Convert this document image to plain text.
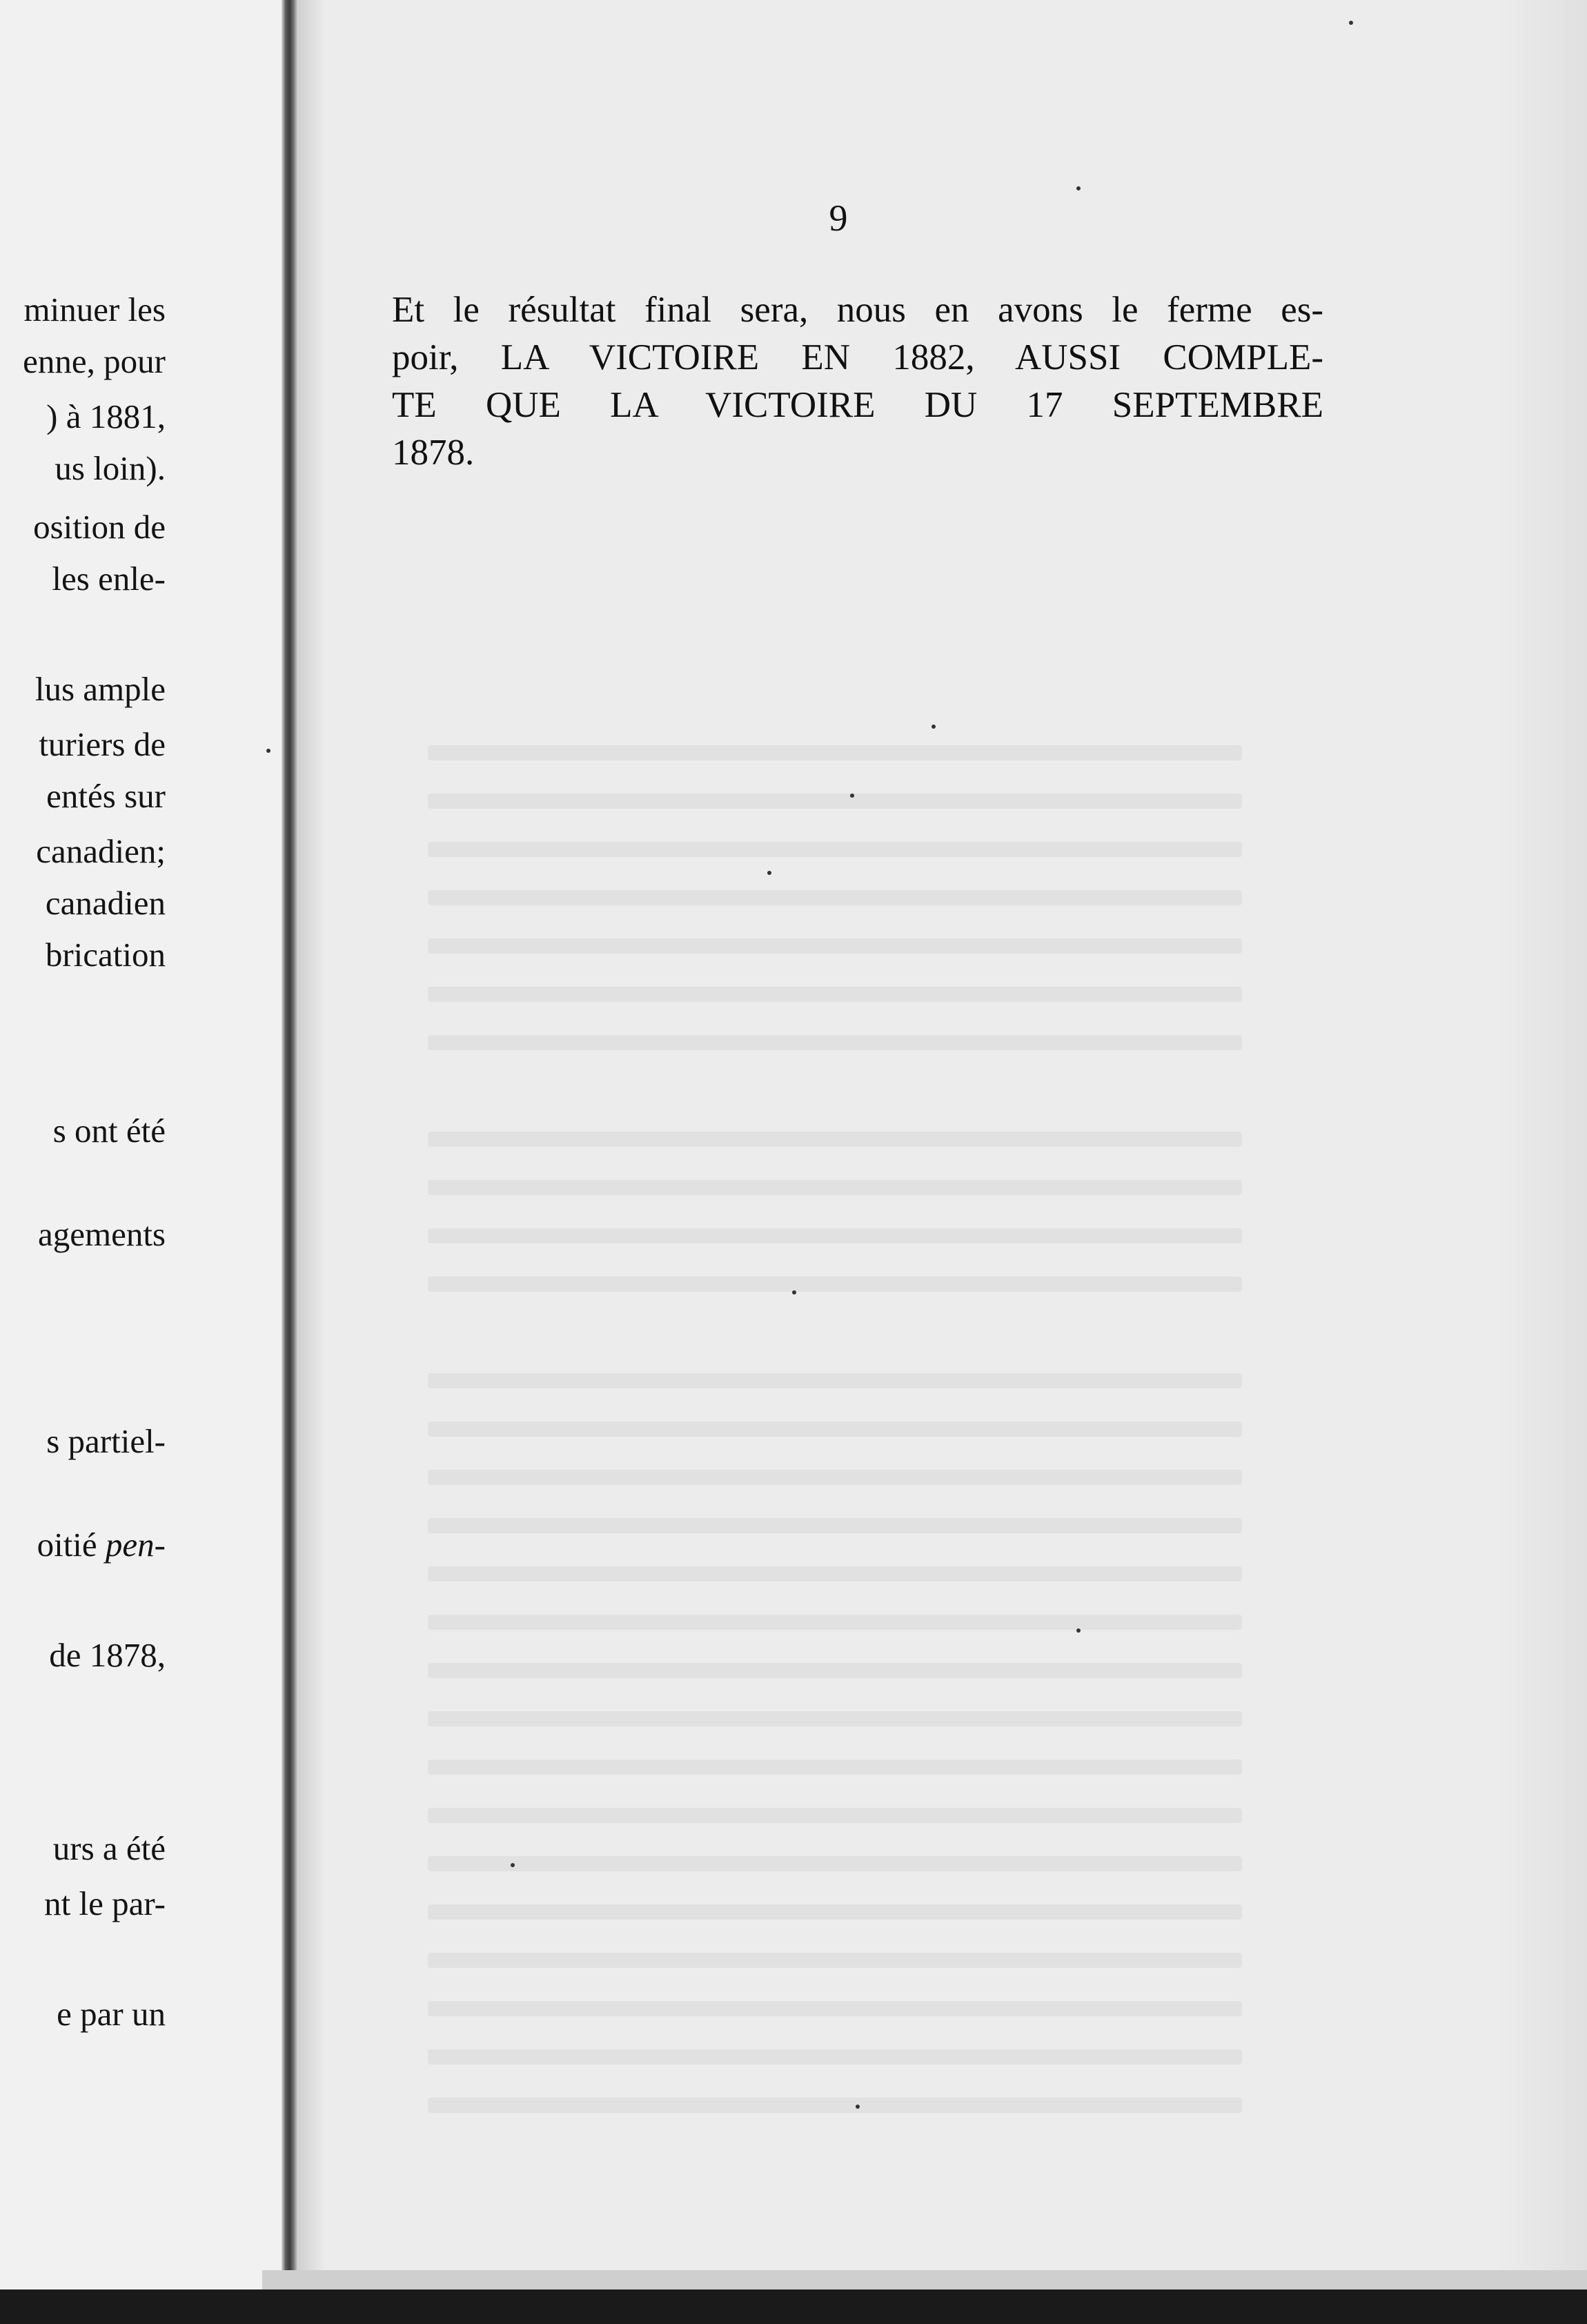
minuer les
enne, pour
) à 1881,
us loin).
osition de
les enle-
lus ample
turiers de
entés sur
canadien;
canadien
brication
s ont été
agements
s partiel-
oitié pen-
de 1878,
urs a été
nt le par-
e par un
9
Et le résultat final sera, nous en avons le ferme es-
poir, LA VICTOIRE EN 1882, AUSSI COMPLE-
TE QUE LA VICTOIRE DU 17 SEPTEMBRE
1878.
